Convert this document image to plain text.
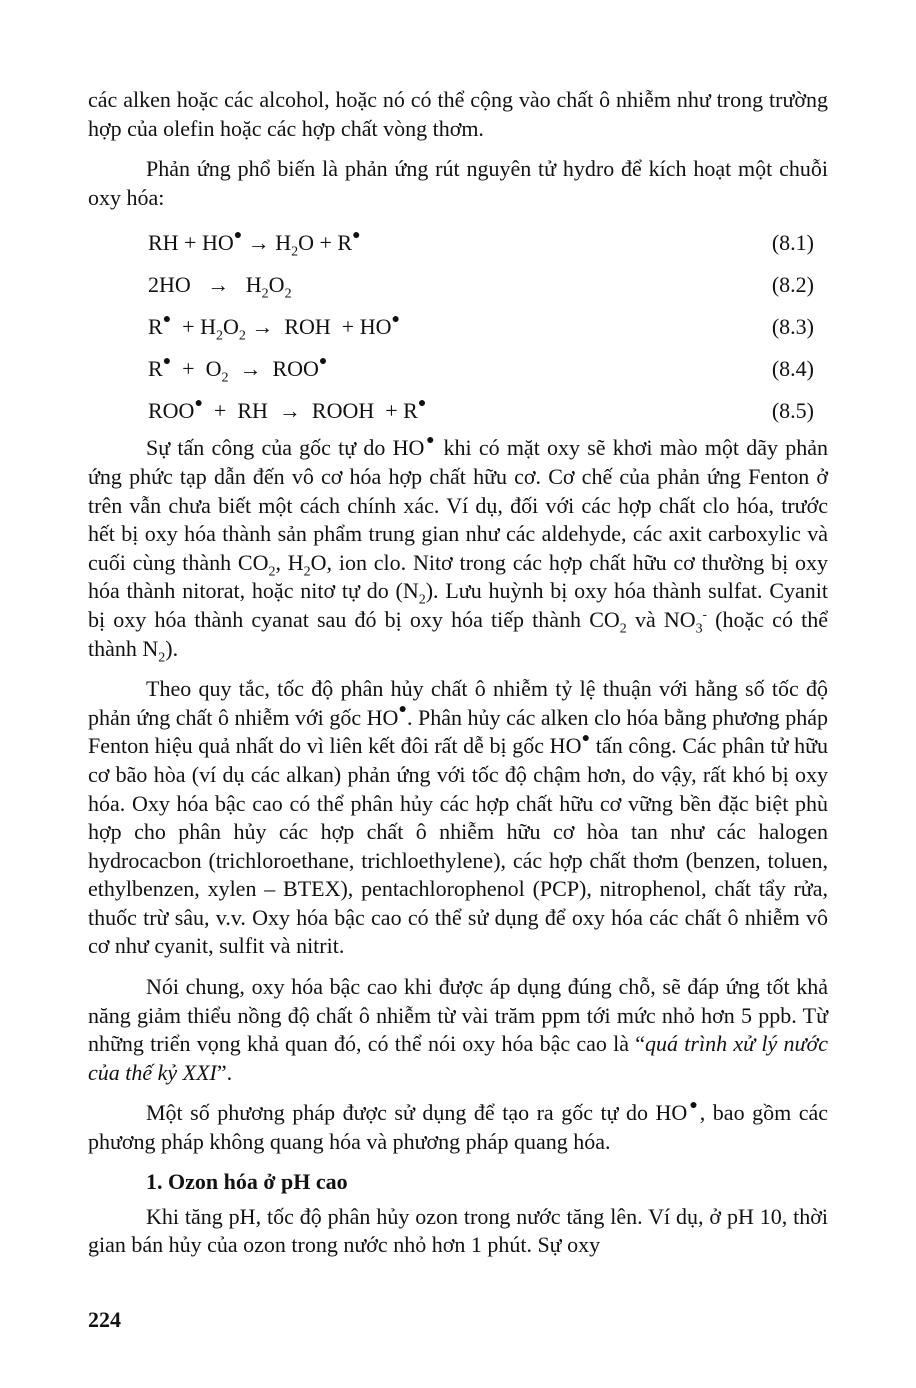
các alken hoặc các alcohol, hoặc nó có thể cộng vào chất ô nhiễm như trong trường hợp của olefin hoặc các hợp chất vòng thơm.

Phản ứng phổ biến là phản ứng rút nguyên tử hydro để kích hoạt một chuỗi oxy hóa:

RH + $HO^● \to H_2O + R^●$	(8.1)
$2HO \to H_2O_2$	(8.2)
$R^● + H_2O_2$ →  ROH  + HO●	(8.3)
$R^● + O_2 \to ROO^●$	(8.4)
ROO●  +  RH  →  ROOH  + R●	(8.5)

Sự tấn công của gốc tự do HO● khi có mặt oxy sẽ khơi mào một dãy phản ứng phức tạp dẫn đến vô cơ hóa hợp chất hữu cơ. Cơ chế của phản ứng Fenton ở trên vẫn chưa biết một cách chính xác. Ví dụ, đối với các hợp chất clo hóa, trước hết bị oxy hóa thành sản phẩm trung gian như các aldehyde, các axit carboxylic và cuối cùng thành $CO_2$, $H_2O$, ion clo. Nitơ trong các hợp chất hữu cơ thường bị oxy hóa thành nitorat, hoặc nitơ tự do $(N_2)$. Lưu huỳnh bị oxy hóa thành sulfat. Cyanit bị oxy hóa thành cyanat sau đó bị oxy hóa tiếp thành $CO_2$ và $NO_3^-$ (hoặc có thể thành $N_2$).

Theo quy tắc, tốc độ phân hủy chất ô nhiễm tỷ lệ thuận với hằng số tốc độ phản ứng chất ô nhiễm với gốc HO●. Phân hủy các alken clo hóa bằng phương pháp Fenton hiệu quả nhất do vì liên kết đôi rất dễ bị gốc HO● tấn công. Các phân tử hữu cơ bão hòa (ví dụ các alkan) phản ứng với tốc độ chậm hơn, do vậy, rất khó bị oxy hóa. Oxy hóa bậc cao có thể phân hủy các hợp chất hữu cơ vững bền đặc biệt phù hợp cho phân hủy các hợp chất ô nhiễm hữu cơ hòa tan như các halogen hydrocacbon (trichloroethane, trichloethylene), các hợp chất thơm (benzen, toluen, ethylbenzen, xylen – BTEX), pentachlorophenol (PCP), nitrophenol, chất tẩy rửa, thuốc trừ sâu, v.v. Oxy hóa bậc cao có thể sử dụng để oxy hóa các chất ô nhiễm vô cơ như cyanit, sulfit và nitrit.

Nói chung, oxy hóa bậc cao khi được áp dụng đúng chỗ, sẽ đáp ứng tốt khả năng giảm thiểu nồng độ chất ô nhiễm từ vài trăm ppm tới mức nhỏ hơn 5 ppb. Từ những triển vọng khả quan đó, có thể nói oxy hóa bậc cao là “quá trình xử lý nước của thế kỷ XXI”.

Một số phương pháp được sử dụng để tạo ra gốc tự do HO●, bao gồm các phương pháp không quang hóa và phương pháp quang hóa.

1. Ozon hóa ở pH cao

Khi tăng pH, tốc độ phân hủy ozon trong nước tăng lên. Ví dụ, ở pH 10, thời gian bán hủy của ozon trong nước nhỏ hơn 1 phút. Sự oxy

224
